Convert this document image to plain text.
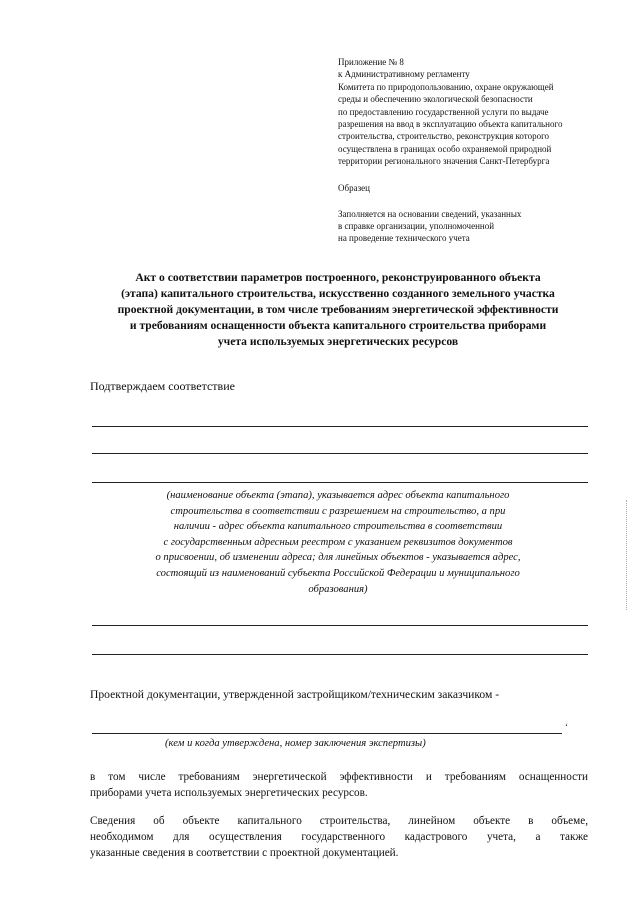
Приложение № 8
к Административному регламенту
Комитета по природопользованию, охране окружающей
среды и обеспечению экологической безопасности
по предоставлению государственной услуги по выдаче
разрешения на ввод в эксплуатацию объекта капитального
строительства, строительство, реконструкция которого
осуществлена в границах особо охраняемой природной
территории регионального значения Санкт-Петербурга
Образец
Заполняется на основании сведений, указанных
в справке организации, уполномоченной
на проведение технического учета
Акт о соответствии параметров построенного, реконструированного объекта
(этапа) капитального строительства, искусственно созданного земельного участка
проектной документации, в том числе требованиям энергетической эффективности
и требованиям оснащенности объекта капитального строительства приборами
учета используемых энергетических ресурсов
Подтверждаем соответствие
(наименование объекта (этапа), указывается адрес объекта капитального
строительства в соответствии с разрешением на строительство, а при
наличии - адрес объекта капитального строительства в соответствии
с государственным адресным реестром с указанием реквизитов документов
о присвоении, об изменении адреса; для линейных объектов - указывается адрес,
состоящий из наименований субъекта Российской Федерации и муниципального
образования)
Проектной документации, утвержденной застройщиком/техническим заказчиком -
‘
(кем и когда утверждена, номер заключения экспертизы)
в том числе требованиям энергетической эффективности и требованиям оснащенности
приборами учета используемых энергетических ресурсов.
Сведения об объекте капитального строительства, линейном объекте в объеме,
необходимом для осуществления государственного кадастрового учета, а также
указанные сведения в соответствии с проектной документацией.
